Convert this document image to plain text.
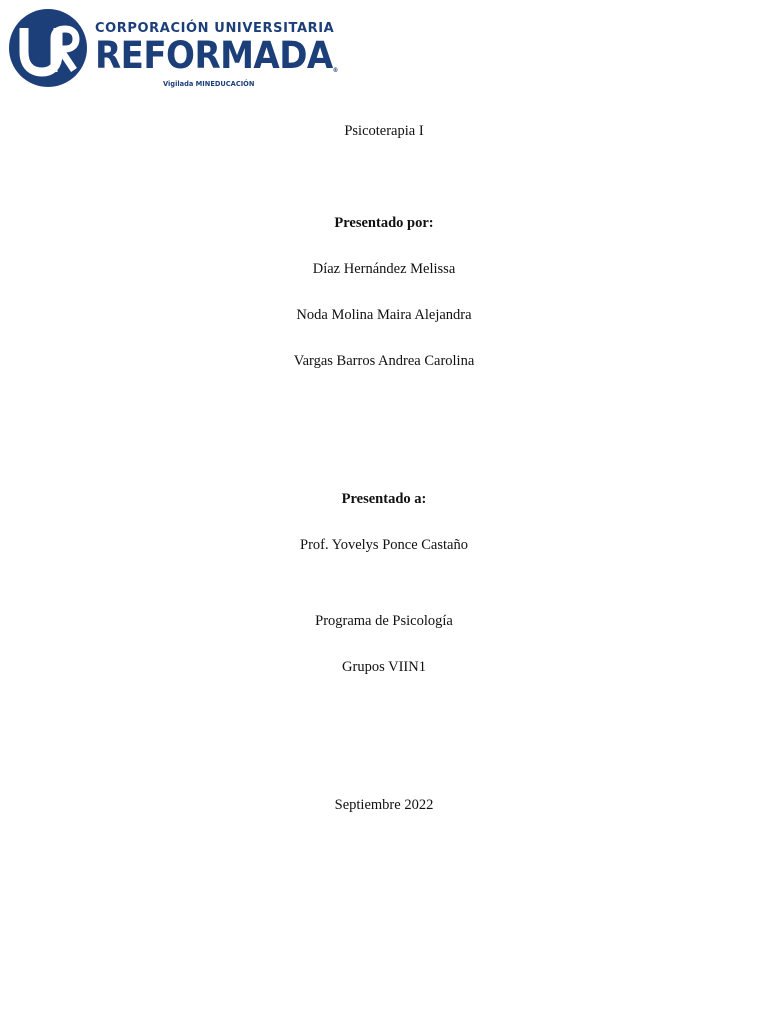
CORPORACIÓN UNIVERSITARIA
REFORMADA®
Vigilada MINEDUCACIÓN
Psicoterapia I
Presentado por:
Díaz Hernández Melissa
Noda Molina Maira Alejandra
Vargas Barros Andrea Carolina
Presentado a:
Prof. Yovelys Ponce Castaño
Programa de Psicología
Grupos VIIN1
Septiembre 2022
